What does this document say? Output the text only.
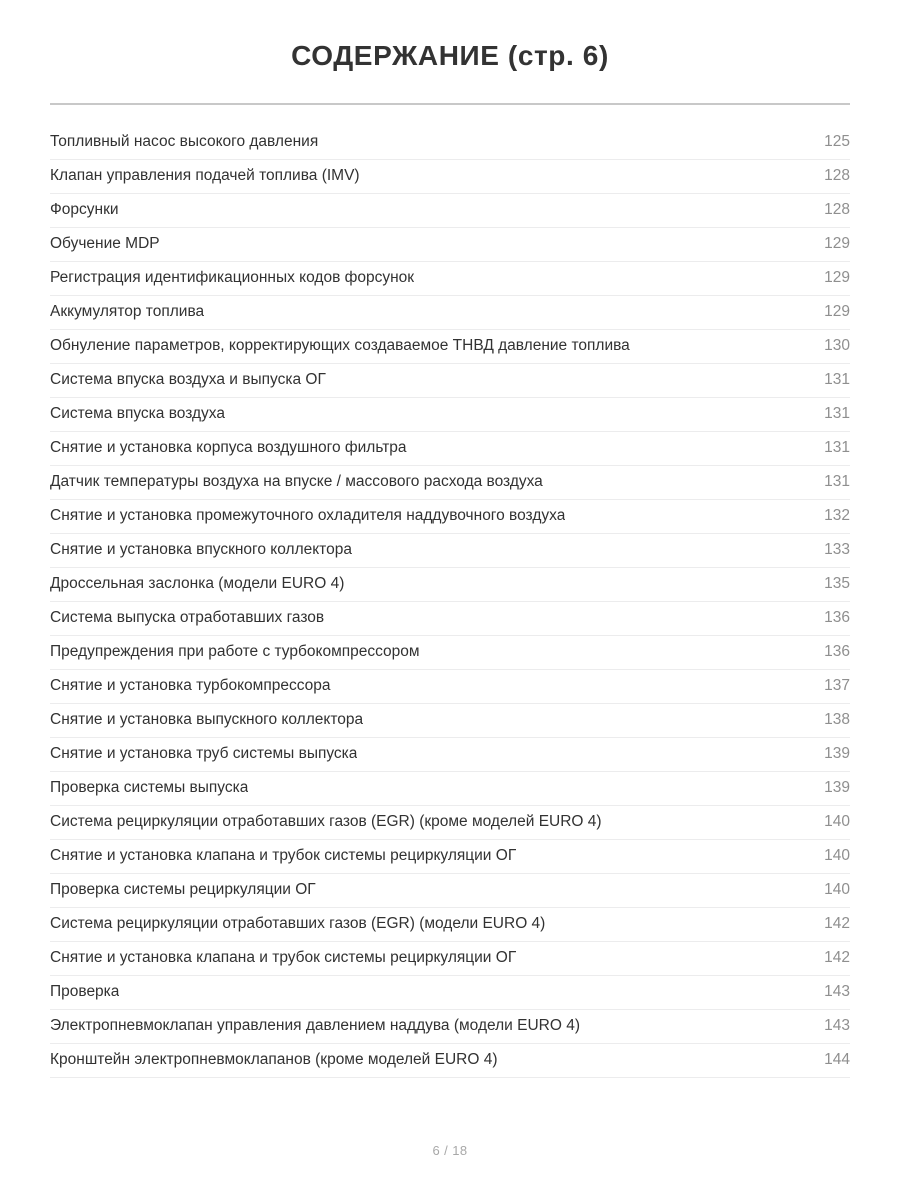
СОДЕРЖАНИЕ (стр. 6)
Топливный насос высокого давления	125
Клапан управления подачей топлива (IMV)	128
Форсунки	128
Обучение MDP	129
Регистрация идентификационных кодов форсунок	129
Аккумулятор топлива	129
Обнуление параметров, корректирующих создаваемое ТНВД давление топлива	130
Система впуска воздуха и выпуска ОГ	131
Система впуска воздуха	131
Снятие и установка корпуса воздушного фильтра	131
Датчик температуры воздуха на впуске / массового расхода воздуха	131
Снятие и установка промежуточного охладителя наддувочного воздуха	132
Снятие и установка впускного коллектора	133
Дроссельная заслонка (модели EURO 4)	135
Система выпуска отработавших газов	136
Предупреждения при работе с турбокомпрессором	136
Снятие и установка турбокомпрессора	137
Снятие и установка выпускного коллектора	138
Снятие и установка труб системы выпуска	139
Проверка системы выпуска	139
Система рециркуляции отработавших газов (EGR) (кроме моделей EURO 4)	140
Снятие и установка клапана и трубок системы рециркуляции ОГ	140
Проверка системы рециркуляции ОГ	140
Система рециркуляции отработавших газов (EGR) (модели EURO 4)	142
Снятие и установка клапана и трубок системы рециркуляции ОГ	142
Проверка	143
Электропневмоклапан управления давлением наддува (модели EURO 4)	143
Кронштейн электропневмоклапанов (кроме моделей EURO 4)	144
6 / 18
